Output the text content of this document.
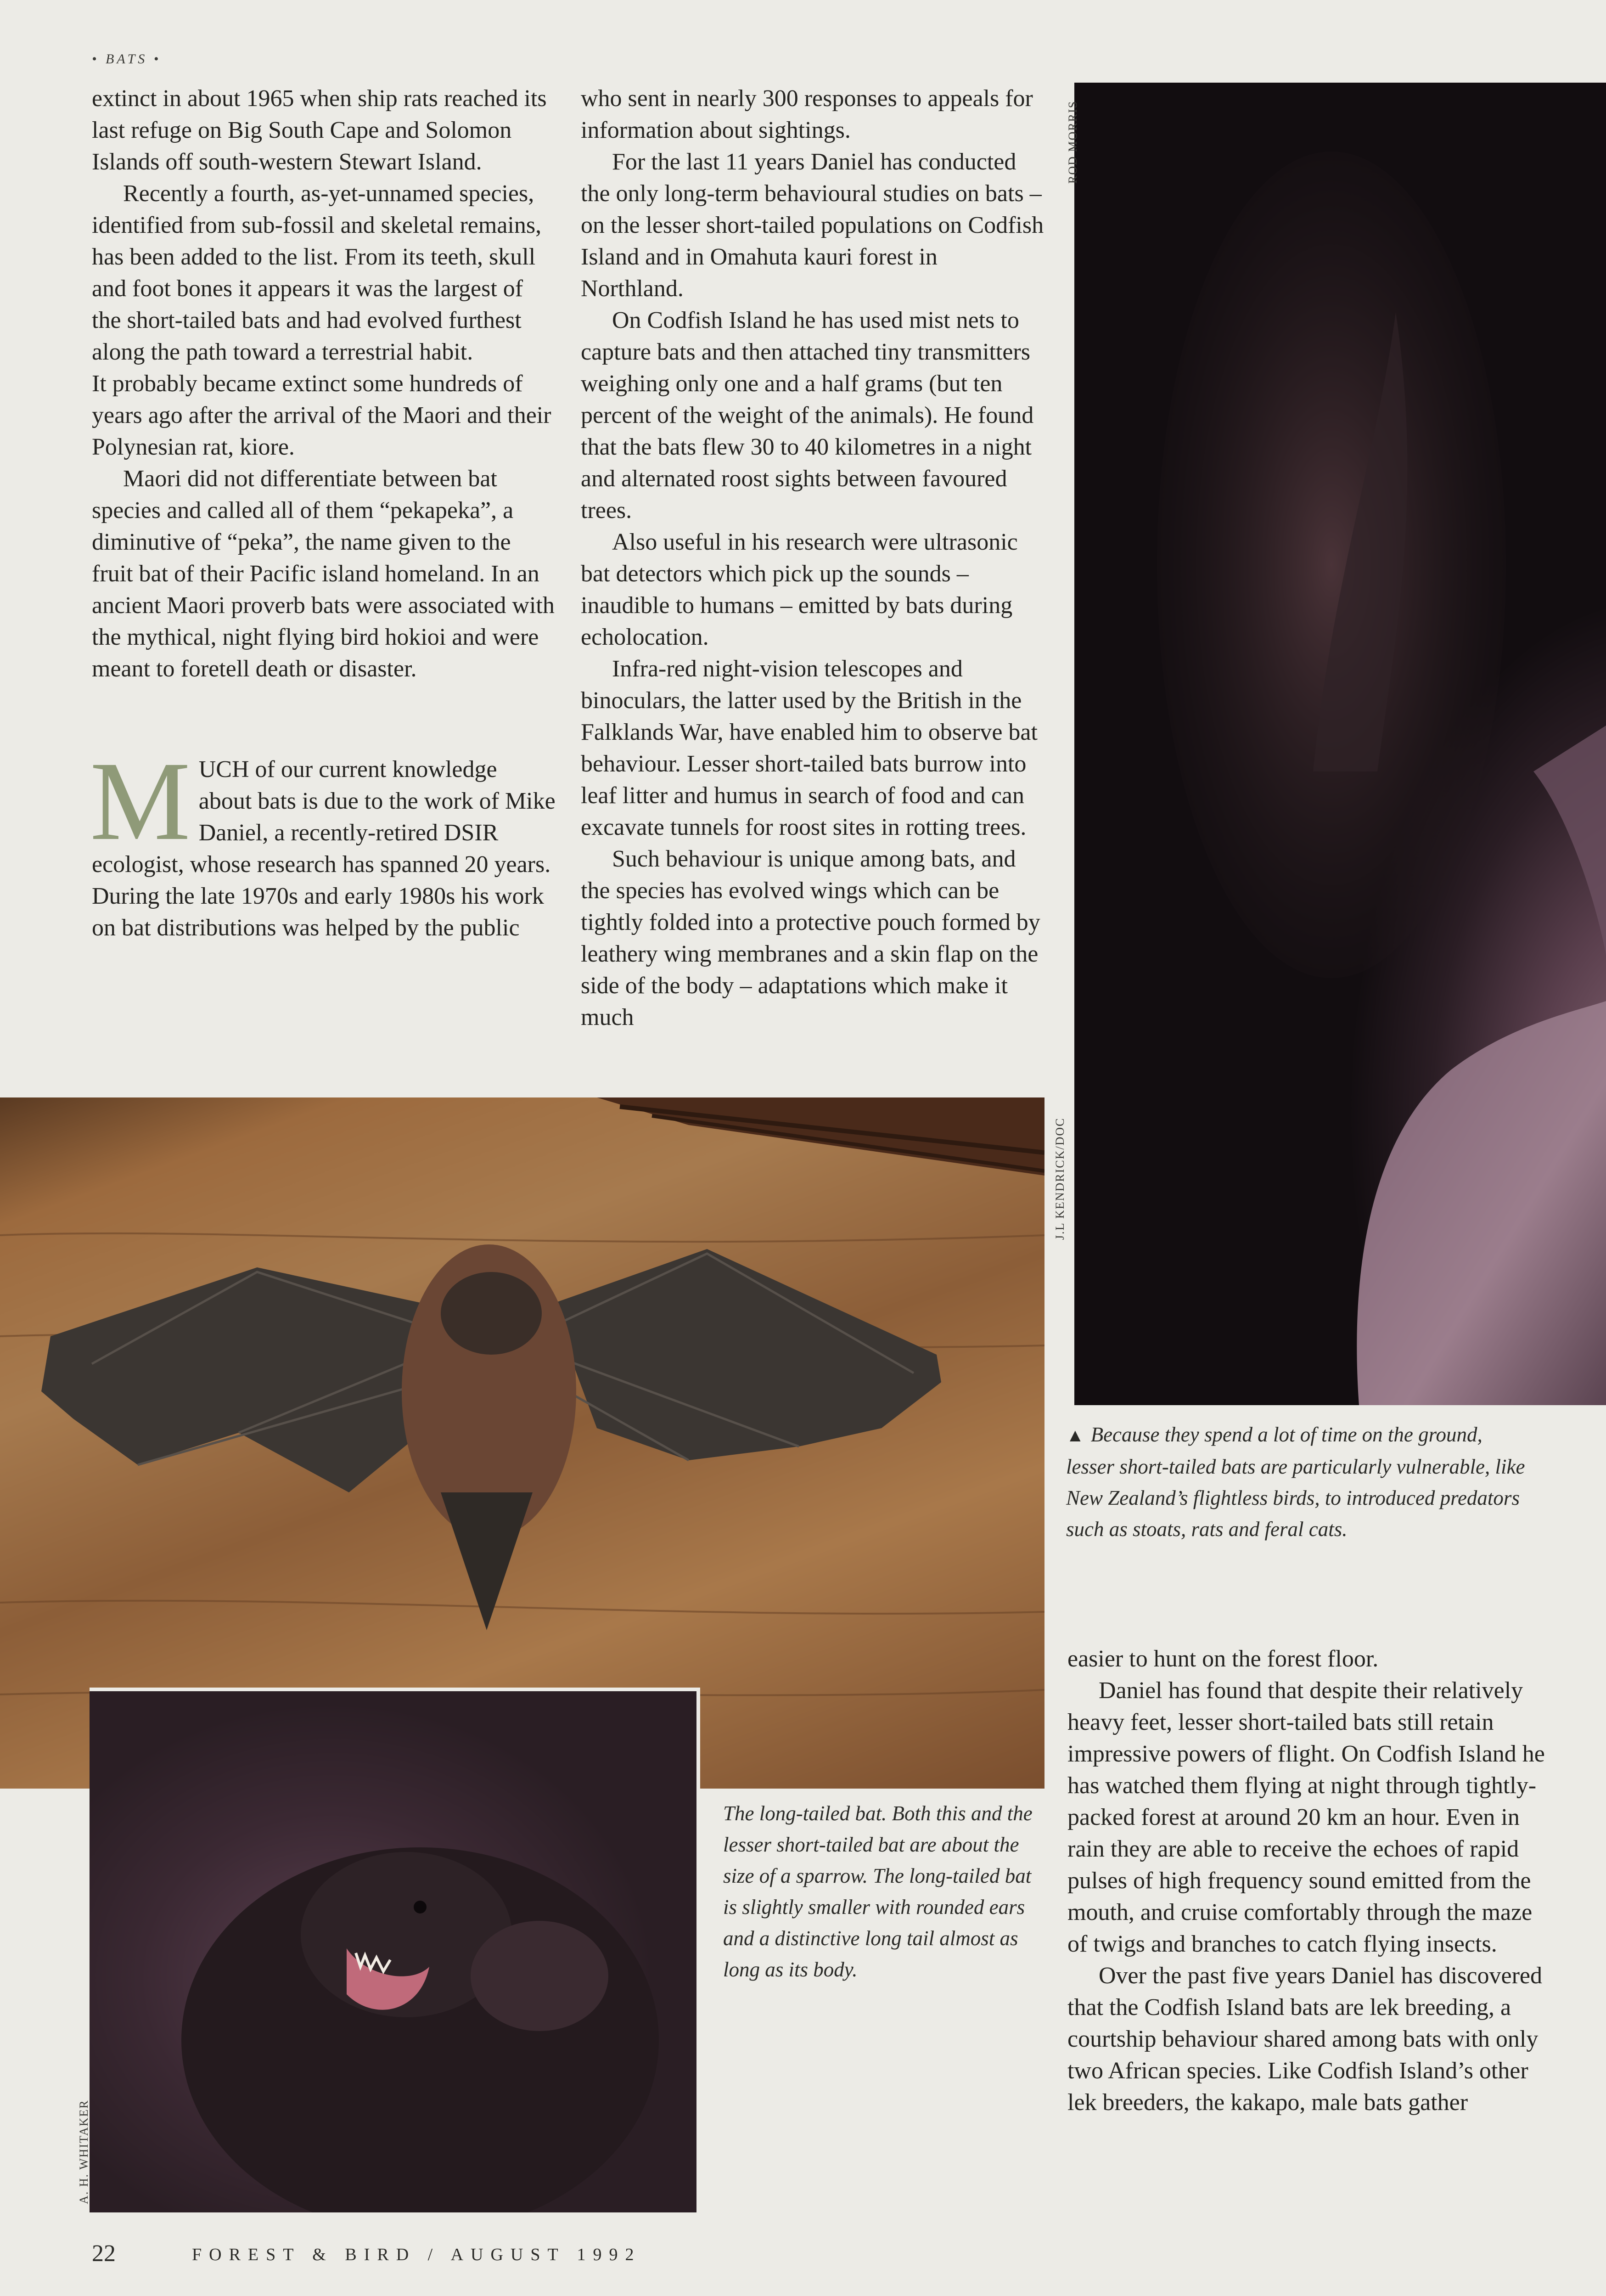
• BATS •

extinct in about 1965 when ship rats reached its last refuge on Big South Cape and Solomon Islands off south-western Stewart Island.

Recently a fourth, as-yet-unnamed species, identified from sub-fossil and skeletal remains, has been added to the list. From its teeth, skull and foot bones it appears it was the largest of the short-tailed bats and had evolved furthest along the path toward a terrestrial habit.

It probably became extinct some hundreds of years ago after the arrival of the Maori and their Polynesian rat, kiore.

Maori did not differentiate between bat species and called all of them “pekapeka”, a diminutive of “peka”, the name given to the fruit bat of their Pacific island homeland. In an ancient Maori proverb bats were associated with the mythical, night flying bird hokioi and were meant to foretell death or disaster.

MUCH of our current knowledge about bats is due to the work of Mike Daniel, a recently-retired DSIR ecologist, whose research has spanned 20 years. During the late 1970s and early 1980s his work on bat distributions was helped by the public

who sent in nearly 300 responses to appeals for information about sightings.

For the last 11 years Daniel has conducted the only long-term behavioural studies on bats – on the lesser short-tailed populations on Codfish Island and in Omahuta kauri forest in Northland.

On Codfish Island he has used mist nets to capture bats and then attached tiny transmitters weighing only one and a half grams (but ten percent of the weight of the animals). He found that the bats flew 30 to 40 kilometres in a night and alternated roost sights between favoured trees.

Also useful in his research were ultrasonic bat detectors which pick up the sounds – inaudible to humans – emitted by bats during echolocation.

Infra-red night-vision telescopes and binoculars, the latter used by the British in the Falklands War, have enabled him to observe bat behaviour. Lesser short-tailed bats burrow into leaf litter and humus in search of food and can excavate tunnels for roost sites in rotting trees.

Such behaviour is unique among bats, and the species has evolved wings which can be tightly folded into a protective pouch formed by leathery wing membranes and a skin flap on the side of the body – adaptations which make it much

ROD MORRIS
J.L KENDRICK/DOC
A. H. WHITAKER
▲ Because they spend a lot of time on the ground, lesser short-tailed bats are particularly vulnerable, like New Zealand’s flightless birds, to introduced predators such as stoats, rats and feral cats.
The long-tailed bat. Both this and the lesser short-tailed bat are about the size of a sparrow. The long-tailed bat is slightly smaller with rounded ears and a distinctive long tail almost as long as its body.

easier to hunt on the forest floor.

Daniel has found that despite their relatively heavy feet, lesser short-tailed bats still retain impressive powers of flight. On Codfish Island he has watched them flying at night through tightly-packed forest at around 20 km an hour. Even in rain they are able to receive the echoes of rapid pulses of high frequency sound emitted from the mouth, and cruise comfortably through the maze of twigs and branches to catch flying insects.

Over the past five years Daniel has discovered that the Codfish Island bats are lek breeding, a courtship behaviour shared among bats with only two African species. Like Codfish Island’s other lek breeders, the kakapo, male bats gather

22	FOREST & BIRD / AUGUST 1992
